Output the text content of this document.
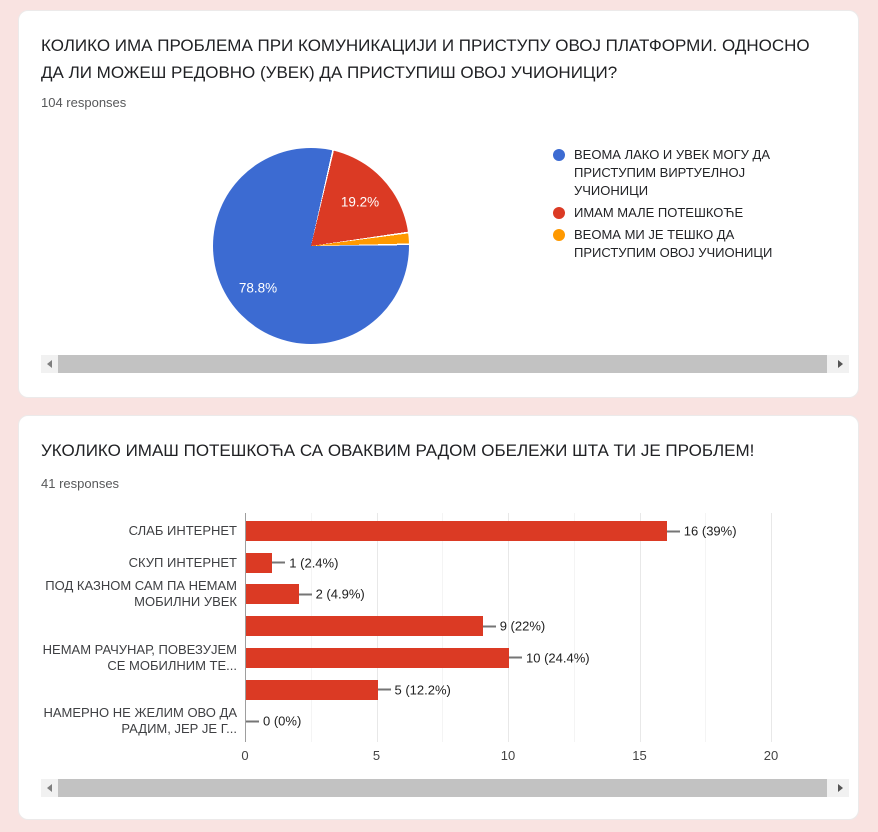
КОЛИКО ИМА ПРОБЛЕМА ПРИ КОМУНИКАЦИЈИ И ПРИСТУПУ ОВОЈ ПЛАТФОРМИ. ОДНОСНО ДА ЛИ МОЖЕШ РЕДОВНО (УВЕК) ДА ПРИСТУПИШ ОВОЈ УЧИОНИЦИ?
104 responses
78.8%
19.2%
ВЕОМА ЛАКО И УВЕК МОГУ ДА ПРИСТУПИМ ВИРТУЕЛНОЈ УЧИОНИЦИ
ИМАМ МАЛЕ ПОТЕШКОЋЕ
ВЕОМА МИ ЈЕ ТЕШКО ДА ПРИСТУПИМ ОВОЈ УЧИОНИЦИ
УКОЛИКО ИМАШ ПОТЕШКОЋА СА ОВАКВИМ РАДОМ ОБЕЛЕЖИ ШТА ТИ ЈЕ ПРОБЛЕМ!
41 responses
0	5	10	15	20
СЛАБ ИНТЕРНЕТ	16 (39%)
СКУП ИНТЕРНЕТ	1 (2.4%)
ПОД КАЗНОМ САМ ПА НЕМАМ МОБИЛНИ УВЕК	2 (4.9%)
9 (22%)
НЕМАМ РАЧУНАР, ПОВЕЗУЈЕМ СЕ МОБИЛНИМ ТЕ...	10 (24.4%)
5 (12.2%)
НАМЕРНО НЕ ЖЕЛИМ ОВО ДА РАДИМ, ЈЕР ЈЕ Г... 0 (0%)
